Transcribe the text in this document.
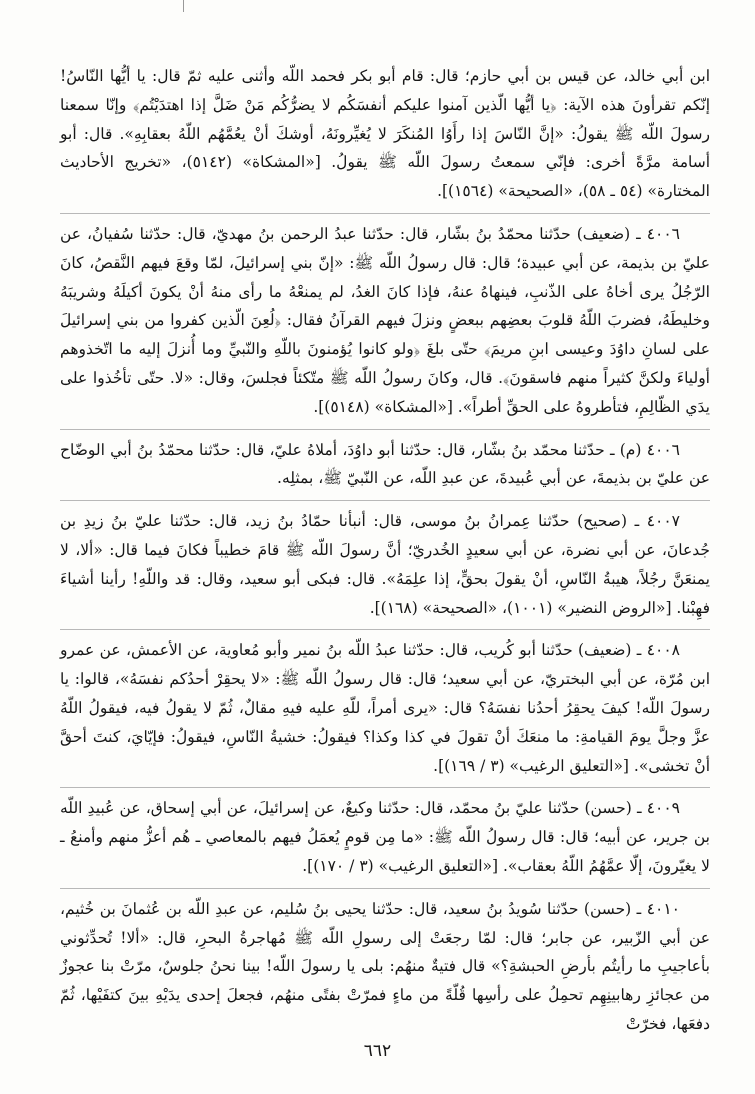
ابن أبي خالد، عن قيس بن أبي حازم؛ قال: قام أبو بكر فحمد اللّه وأثنى عليه ثمّ قال: يا أيُّها النّاسُ! إنّكم تقرأونَ هذه الآية: ﴿يا أيُّها الّذين آمنوا عليكم أنفسَكُم لا يضرُّكُم مَنْ ضَلَّ إذا اهتدَيْتُم﴾ وإنّا سمعنا رسولَ اللّه ﷺ يقولُ: «إنَّ النّاسَ إذا رأَوُا المُنكَرَ لا يُغيِّرونَهُ، أوشكَ أنْ يعُمَّهُم اللّهُ بعقابِهِ». قال: أبو أسامة مرَّةً أخرى: فإنّي سمعتُ رسولَ اللّه ﷺ يقولُ. [«المشكاة» (٥١٤٢)، «تخريج الأحاديث المختارة» (٥٤ ـ ٥٨)، «الصحيحة» (١٥٦٤)].

٤٠٠٦ ـ (ضعيف) حدّثنا محمّدُ بنُ بشّار، قال: حدّثنا عبدُ الرحمن بنُ مهديّ، قال: حدّثنا سُفيانُ، عن عليّ بن بذيمة، عن أبي عبيدة؛ قال: قال رسولُ اللّه ﷺ: «إنّ بني إسرائيلَ، لمّا وقعَ فيهم النَّقصُ، كانَ الرّجُلُ يرى أخاهُ على الذّنبِ، فينهاهُ عنهُ، فإذا كانَ الغدُ، لم يمنعْهُ ما رأى منهُ أنْ يكونَ أكيلَهُ وشريبَهُ وخليطَهُ، فضربَ اللّهُ قلوبَ بعضِهم ببعضٍ ونزلَ فيهم القرآنُ فقال: ﴿لُعِنَ الّذين كفروا من بني إسرائيلَ على لسانِ داوُدَ وعيسى ابنِ مريمَ﴾ حتّى بلغَ ﴿ولو كانوا يُؤمنونَ باللّهِ والنّبيِّ وما أُنزلَ إليه ما اتّخذوهم أولياءَ ولكنَّ كثيراً منهم فاسقونَ﴾. قال، وكانَ رسولُ اللّه ﷺ متّكئاً فجلسَ، وقال: «لا. حتّى تأخُذوا على يدَي الظّالِمِ، فتأطروهُ على الحقِّ أطراً». [«المشكاة» (٥١٤٨)].

٤٠٠٦ (م) ـ حدّثنا محمّد بنُ بشّار، قال: حدّثنا أبو داوُدَ، أملاهُ عليّ، قال: حدّثنا محمّدُ بنُ أبي الوضّاح عن عليّ بن بذيمةَ، عن أبي عُبيدةَ، عن عبدِ اللّه، عن النّبيّ ﷺ، بمثلِه.

٤٠٠٧ ـ (صحيح) حدّثنا عِمرانُ بنُ موسى، قال: أنبأنا حمّادُ بنُ زيد، قال: حدّثنا عليّ بنُ زيدِ بن جُدعانَ، عن أبي نضرة، عن أبي سعيدٍ الخُدريّ؛ أنَّ رسولَ اللّه ﷺ قامَ خطيباً فكانَ فيما قال: «ألا، لا يمنعَنَّ رجُلاً، هيبةُ النّاسِ، أنْ يقولَ بحقٍّ، إذا علِمَهُ». قال: فبكى أبو سعيد، وقال: قد واللّهِ! رأينا أشياءَ فهِبْنا. [«الروض النضير» (١٠٠١)، «الصحيحة» (١٦٨)].

٤٠٠٨ ـ (ضعيف) حدّثنا أبو كُريب، قال: حدّثنا عبدُ اللّه بنُ نمير وأبو مُعاوية، عن الأعمش، عن عمرو ابن مُرّة، عن أبي البختريّ، عن أبي سعيد؛ قال: قال رسولُ اللّه ﷺ: «لا يحقِرْ أحدُكم نفسَهُ»، قالوا: يا رسولَ اللّه! كيفَ يحقِرُ أحدُنا نفسَهُ؟ قال: «يرى أمراً، للّهِ عليه فيهِ مقالٌ، ثُمّ لا يقولُ فيه، فيقولُ اللّهُ عزَّ وجلَّ يومَ القيامةِ: ما منعَكَ أنْ تقولَ في كذا وكذا؟ فيقولُ: خشيةُ النّاسِ، فيقولُ: فإيّايَ، كنتَ أحقَّ أنْ تخشى». [«التعليق الرغيب» (٣ / ١٦٩)].

٤٠٠٩ ـ (حسن) حدّثنا عليّ بنُ محمّد، قال: حدّثنا وكيعٌ، عن إسرائيلَ، عن أبي إسحاق، عن عُبيدِ اللّه بن جرير، عن أبيه؛ قال: قال رسولُ اللّه ﷺ: «ما مِن قومٍ يُعمَلُ فيهم بالمعاصي ـ هُم أعزُّ منهم وأمنعُ ـ لا يغيّرونَ، إلّا عمَّهُمُ اللّهُ بعقاب». [«التعليق الرغيب» (٣ / ١٧٠)].

٤٠١٠ ـ (حسن) حدّثنا سُويدُ بنُ سعيد، قال: حدّثنا يحيى بنُ سُليم، عن عبدِ اللّه بن عُثمانَ بن خُثيم، عن أبي الزّبير، عن جابر؛ قال: لمّا رجعَتْ إلى رسولِ اللّه ﷺ مُهاجرةُ البحرِ، قال: «ألا! تُحدِّثوني بأعاجيبِ ما رأيتُم بأرضِ الحبشةِ؟» قال فتيةٌ منهُم: بلى يا رسولَ اللّه! بينا نحنُ جلوسٌ، مرّتْ بنا عجوزٌ من عجائزِ رهابينِهِم تحمِلُ على رأسِها قُلّةً من ماءٍ فمرّتْ بفتًى منهُم، فجعلَ إحدى يدَيْهِ بينَ كتفَيْها، ثُمّ دفعَها، فخرّتْ

٦٦٢
